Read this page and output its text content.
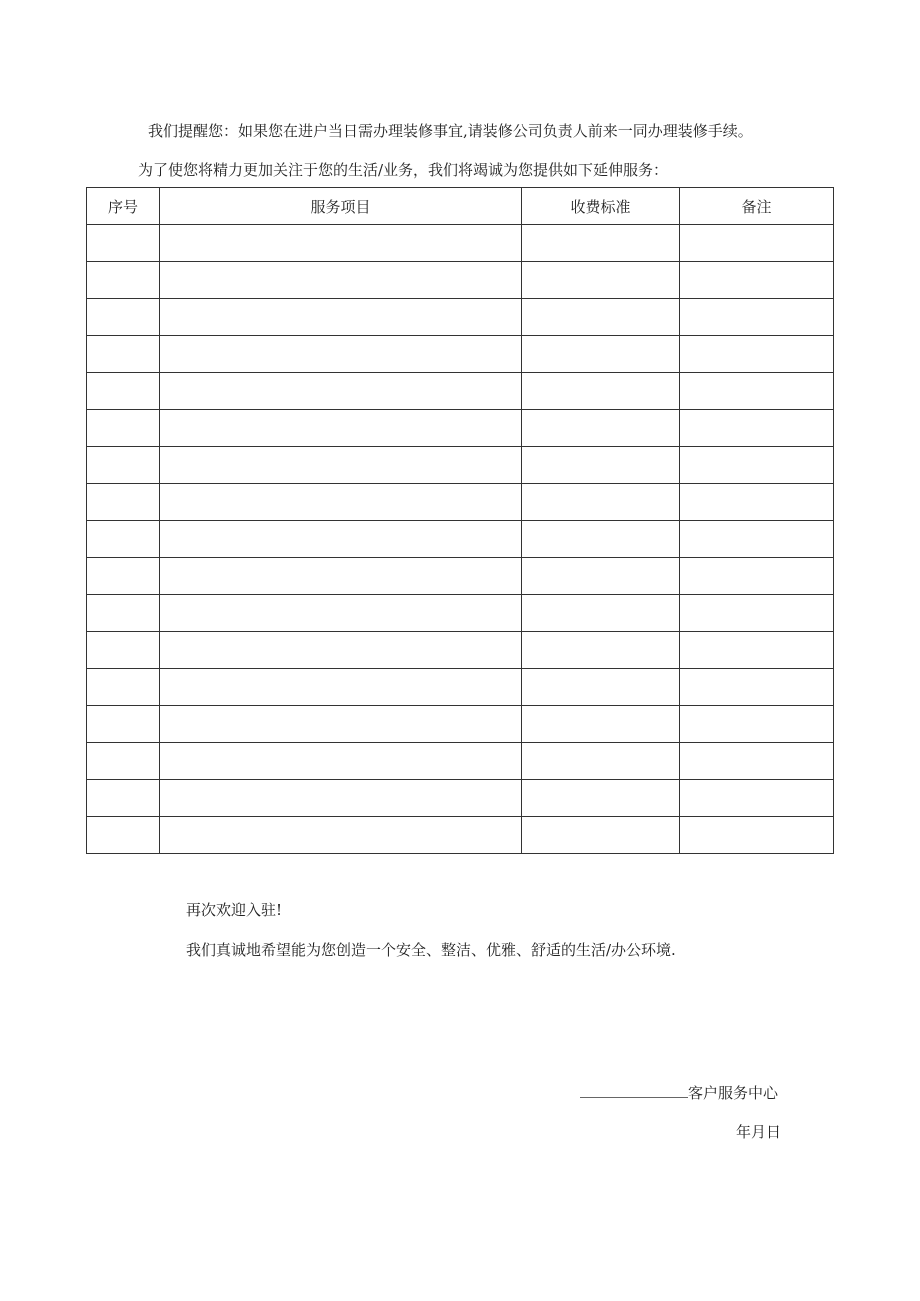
我们提醒您：如果您在进户当日需办理装修事宜,请装修公司负责人前来一同办理装修手续。

为了使您将精力更加关注于您的生活/业务，我们将竭诚为您提供如下延伸服务：

序号	服务项目	收费标准	备注

再次欢迎入驻!

我们真诚地希望能为您创造一个安全、整洁、优雅、舒适的生活/办公环境.

客户服务中心
年月日
